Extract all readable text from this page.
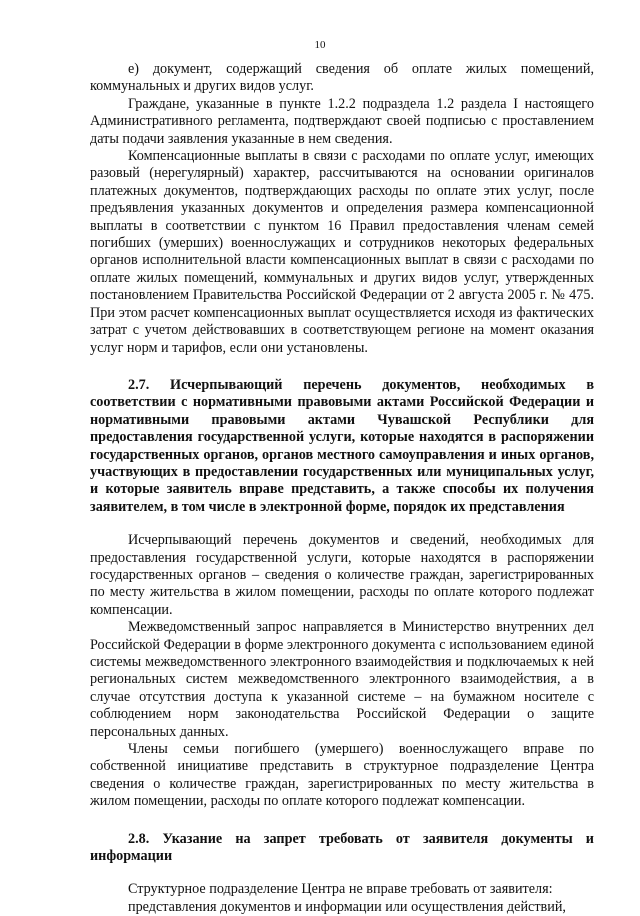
10

е) документ, содержащий сведения об оплате жилых помещений, коммунальных и других видов услуг.

Граждане, указанные в пункте 1.2.2 подраздела 1.2 раздела I настоящего Административного регламента, подтверждают своей подписью с проставлением даты подачи заявления указанные в нем сведения.

Компенсационные выплаты в связи с расходами по оплате услуг, имеющих разовый (нерегулярный) характер, рассчитываются на основании оригиналов платежных документов, подтверждающих расходы по оплате этих услуг, после предъявления указанных документов и определения размера компенсационной выплаты в соответствии с пунктом 16 Правил предоставления членам семей погибших (умерших) военнослужащих и сотрудников некоторых федеральных органов исполнительной власти компенсационных выплат в связи с расходами по оплате жилых помещений, коммунальных и других видов услуг, утвержденных постановлением Правительства Российской Федерации от 2 августа 2005 г. № 475. При этом расчет компенсационных выплат осуществляется исходя из фактических затрат с учетом действовавших в соответствующем регионе на момент оказания услуг норм и тарифов, если они установлены.

2.7. Исчерпывающий перечень документов, необходимых в соответствии с нормативными правовыми актами Российской Федерации и нормативными правовыми актами Чувашской Республики для предоставления государственной услуги, которые находятся в распоряжении государственных органов, органов местного самоуправления и иных органов, участвующих в предоставлении государственных или муниципальных услуг, и которые заявитель вправе представить, а также способы их получения заявителем, в том числе в электронной форме, порядок их представления

Исчерпывающий перечень документов и сведений, необходимых для предоставления государственной услуги, которые находятся в распоряжении государственных органов – сведения о количестве граждан, зарегистрированных по месту жительства в жилом помещении, расходы по оплате которого подлежат компенсации.

Межведомственный запрос направляется в Министерство внутренних дел Российской Федерации в форме электронного документа с использованием единой системы межведомственного электронного взаимодействия и подключаемых к ней региональных систем межведомственного электронного взаимодействия, а в случае отсутствия доступа к указанной системе – на бумажном носителе с соблюдением норм законодательства Российской Федерации о защите персональных данных.

Члены семьи погибшего (умершего) военнослужащего вправе по собственной инициативе представить в структурное подразделение Центра сведения о количестве граждан, зарегистрированных по месту жительства в жилом помещении, расходы по оплате которого подлежат компенсации.

2.8. Указание на запрет требовать от заявителя документы и информации

Структурное подразделение Центра не вправе требовать от заявителя:

представления документов и информации или осуществления действий,
